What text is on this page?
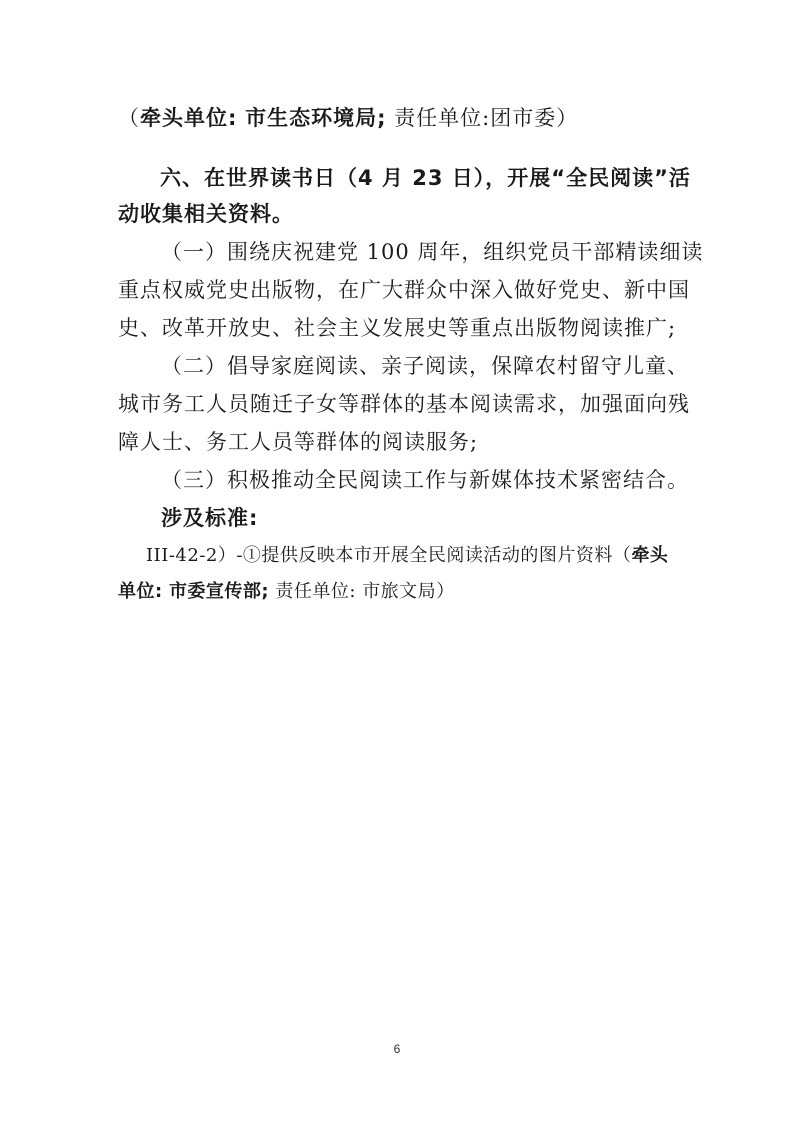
（牵头单位: 市生态环境局; 责任单位:团市委）
六、在世界读书日（4 月 23 日），开展“全民阅读”活
动收集相关资料。
（一）围绕庆祝建党 100 周年，组织党员干部精读细读
重点权威党史出版物，在广大群众中深入做好党史、新中国
史、改革开放史、社会主义发展史等重点出版物阅读推广;
（二）倡导家庭阅读、亲子阅读，保障农村留守儿童、
城市务工人员随迁子女等群体的基本阅读需求，加强面向残
障人士、务工人员等群体的阅读服务;
（三）积极推动全民阅读工作与新媒体技术紧密结合。
涉及标准:
III-42-2）-①提供反映本市开展全民阅读活动的图片资料（牵头
单位: 市委宣传部; 责任单位: 市旅文局）
6
